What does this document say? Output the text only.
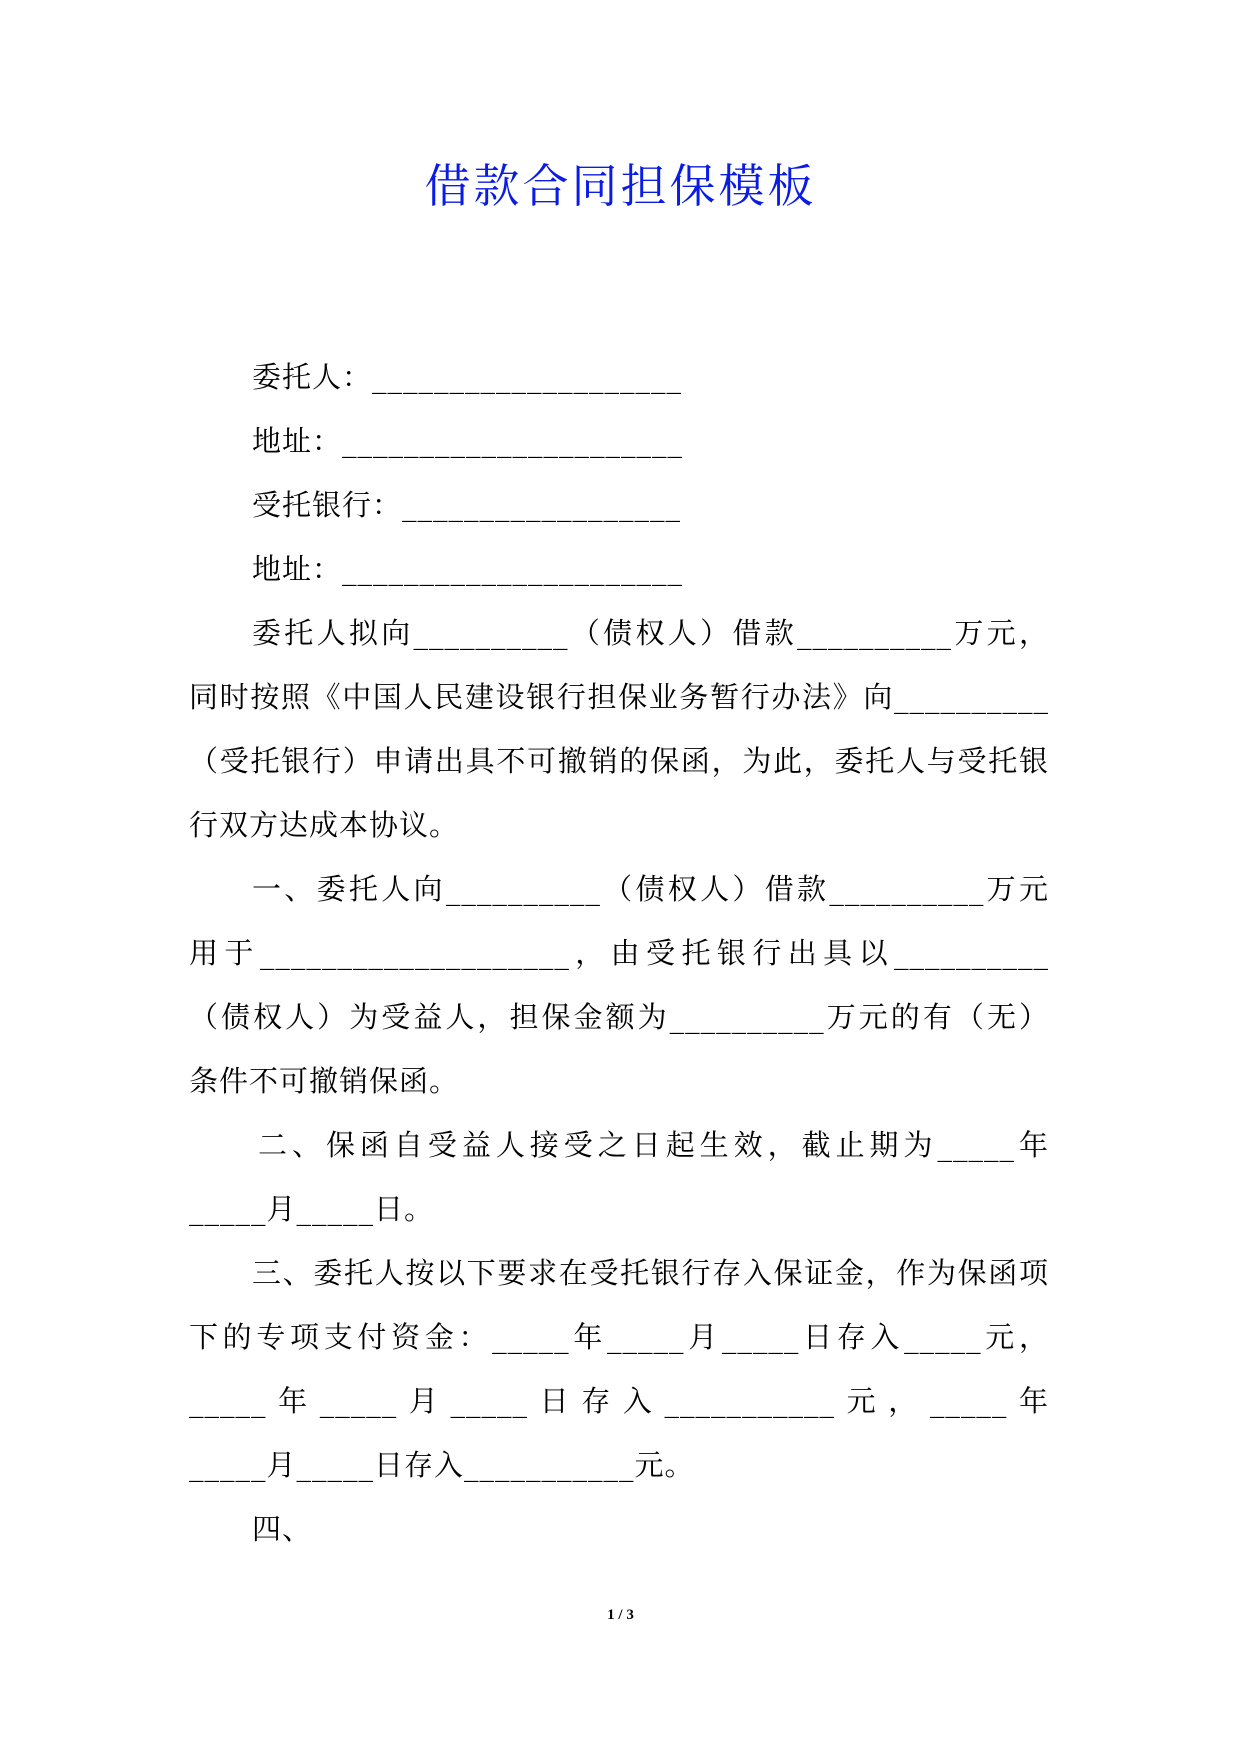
借款合同担保模板
委托人：____________________
地址：______________________
受托银行：__________________
地址：______________________
委托人拟向__________（债权人）借款__________万元，
同时按照《中国人民建设银行担保业务暂行办法》向__________
（受托银行）申请出具不可撤销的保函，为此，委托人与受托银
行双方达成本协议。
一、委托人向__________（债权人）借款__________万元
用于____________________，由受托银行出具以__________
（债权人）为受益人，担保金额为__________万元的有（无）
条件不可撤销保函。
二、保函自受益人接受之日起生效，截止期为_____年
_____月_____日。
三、委托人按以下要求在受托银行存入保证金，作为保函项
下的专项支付资金：_____年_____月_____日存入_____元，
_____年_____月_____日存入___________元，_____年
_____月_____日存入___________元。
四、
1 / 3
